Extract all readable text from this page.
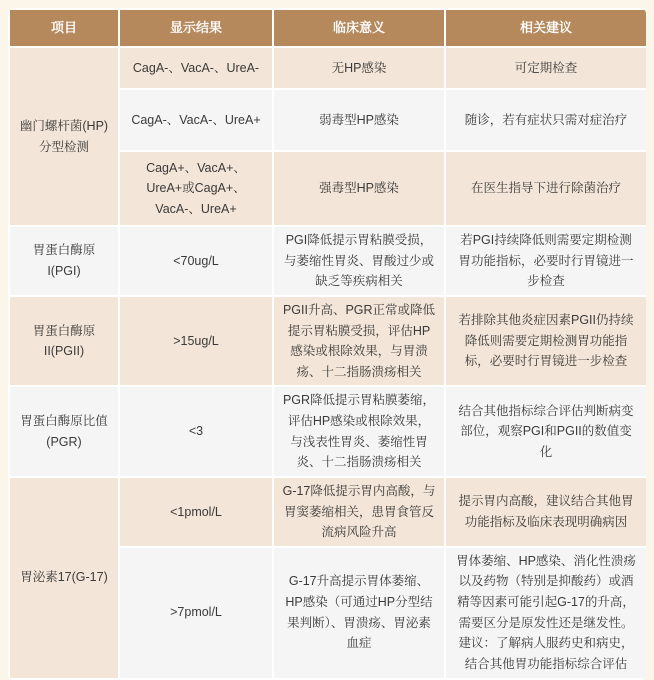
项目	显示结果	临床意义	相关建议
幽门螺杆菌(HP)分型检测	CagA-、VacA-、UreA-	无HP感染	可定期检查
	CagA-、VacA-、UreA+	弱毒型HP感染	随诊，若有症状只需对症治疗
	CagA+、VacA+、UreA+或CagA+、VacA-、UreA+	强毒型HP感染	在医生指导下进行除菌治疗
胃蛋白酶原I(PGI)	<70ug/L	PGI降低提示胃粘膜受损，与萎缩性胃炎、胃酸过少或缺乏等疾病相关	若PGI持续降低则需要定期检测胃功能指标，必要时行胃镜进一步检查
胃蛋白酶原II(PGII)	>15ug/L	PGII升高、PGR正常或降低提示胃粘膜受损，评估HP感染或根除效果，与胃溃疡、十二指肠溃疡相关	若排除其他炎症因素PGII仍持续降低则需要定期检测胃功能指标，必要时行胃镜进一步检查
胃蛋白酶原比值(PGR)	<3	PGR降低提示胃粘膜萎缩，评估HP感染或根除效果，与浅表性胃炎、萎缩性胃炎、十二指肠溃疡相关	结合其他指标综合评估判断病变部位，观察PGI和PGII的数值变化
胃泌素17(G-17)	<1pmol/L	G-17降低提示胃内高酸，与胃窦萎缩相关，患胃食管反流病风险升高	提示胃内高酸，建议结合其他胃功能指标及临床表现明确病因
	>7pmol/L	G-17升高提示胃体萎缩、HP感染（可通过HP分型结果判断）、胃溃疡、胃泌素血症	胃体萎缩、HP感染、消化性溃疡以及药物（特别是抑酸药）或酒精等因素可能引起G-17的升高，需要区分是原发性还是继发性。建议：了解病人服药史和病史，结合其他胃功能指标综合评估
